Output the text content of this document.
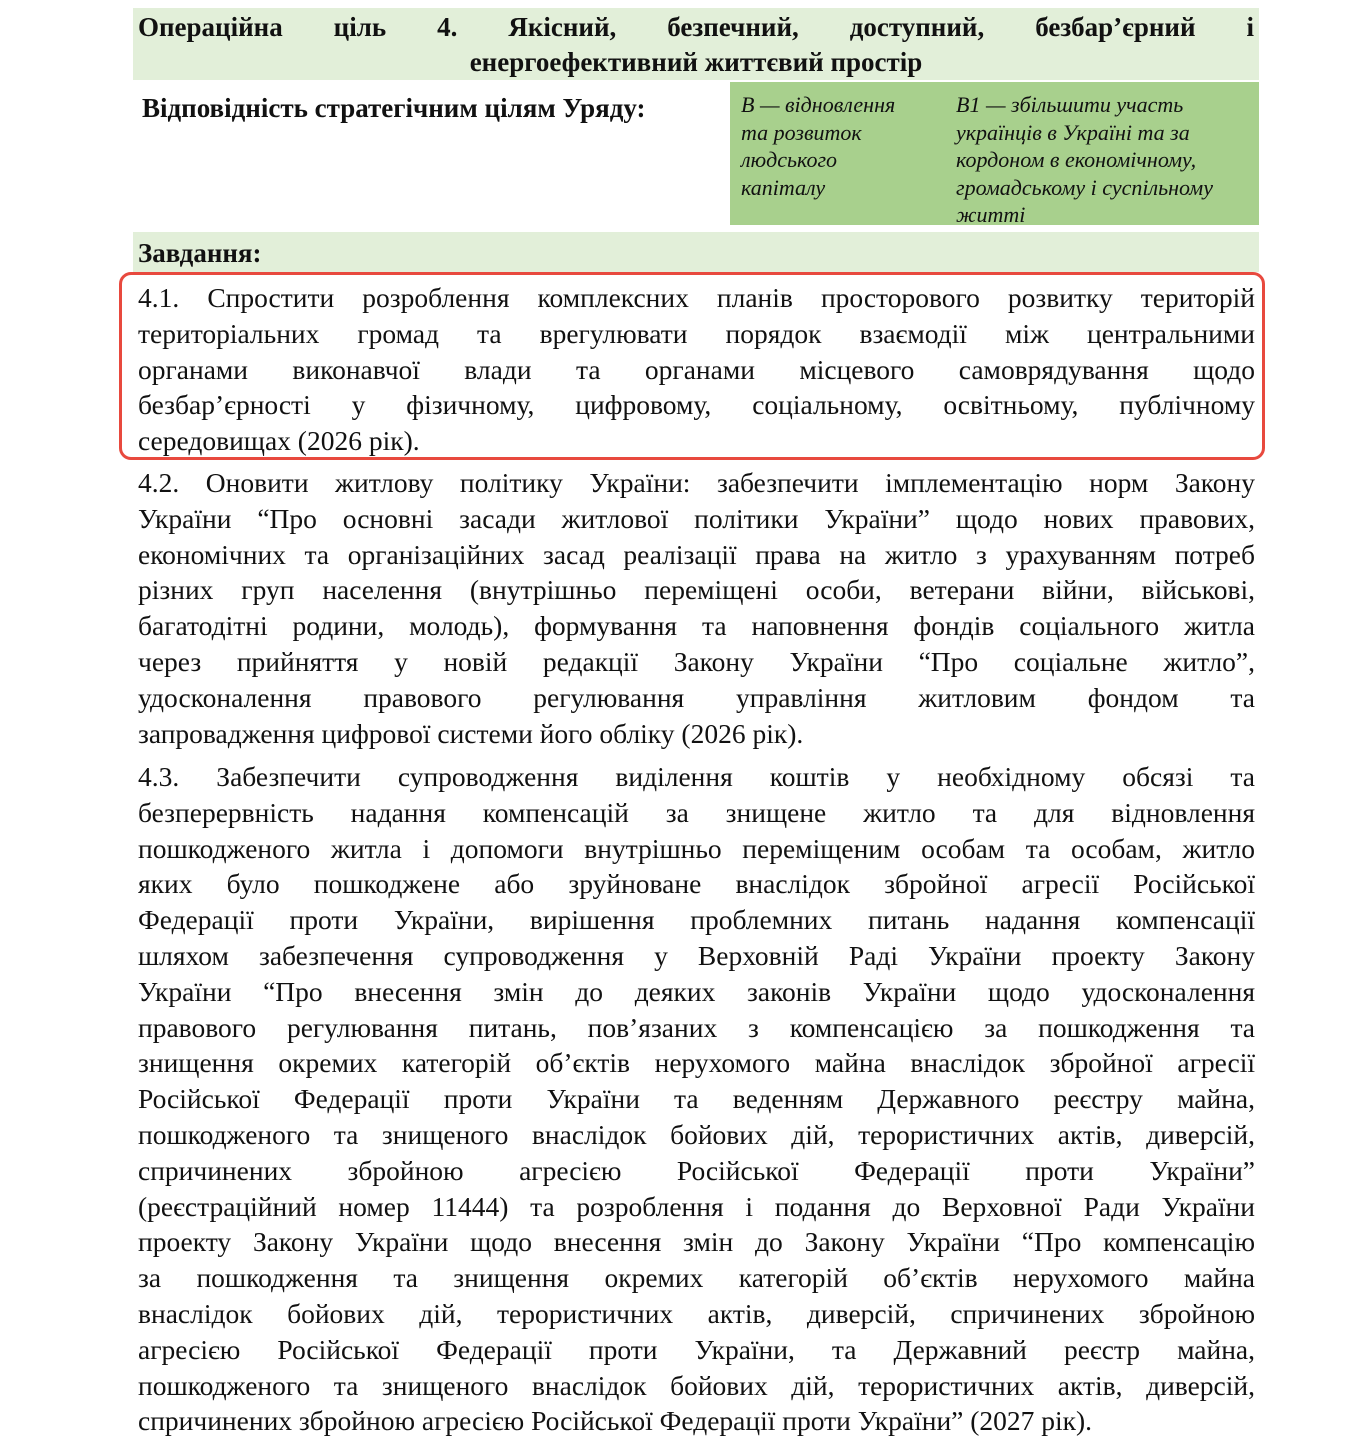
Операційна ціль 4. Якісний, безпечний, доступний, безбар’єрний і
енергоефективний життєвий простір
Відповідність стратегічним цілям Уряду:	В — відновлення
та розвиток
людського
капіталу
В1 — збільшити участь
українців в Україні та за
кордоном в економічному,
громадському і суспільному
житті
Завдання:
4.1. Спростити розроблення комплексних планів просторового розвитку територій
територіальних громад та врегулювати порядок взаємодії між центральними
органами виконавчої влади та органами місцевого самоврядування щодо
безбар’єрності у фізичному, цифровому, соціальному, освітньому, публічному
середовищах (2026 рік).
4.2. Оновити житлову політику України: забезпечити імплементацію норм Закону
України “Про основні засади житлової політики України” щодо нових правових,
економічних та організаційних засад реалізації права на житло з урахуванням потреб
різних груп населення (внутрішньо переміщені особи, ветерани війни, військові,
багатодітні родини, молодь), формування та наповнення фондів соціального житла
через прийняття у новій редакції Закону України “Про соціальне житло”,
удосконалення правового регулювання управління житловим фондом та
запровадження цифрової системи його обліку (2026 рік).
4.3. Забезпечити супроводження виділення коштів у необхідному обсязі та
безперервність надання компенсацій за знищене житло та для відновлення
пошкодженого житла і допомоги внутрішньо переміщеним особам та особам, житло
яких було пошкоджене або зруйноване внаслідок збройної агресії Російської
Федерації проти України, вирішення проблемних питань надання компенсації
шляхом забезпечення супроводження у Верховній Раді України проекту Закону
України “Про внесення змін до деяких законів України щодо удосконалення
правового регулювання питань, пов’язаних з компенсацією за пошкодження та
знищення окремих категорій об’єктів нерухомого майна внаслідок збройної агресії
Російської Федерації проти України та веденням Державного реєстру майна,
пошкодженого та знищеного внаслідок бойових дій, терористичних актів, диверсій,
спричинених збройною агресією Російської Федерації проти України”
(реєстраційний номер 11444) та розроблення і подання до Верховної Ради України
проекту Закону України щодо внесення змін до Закону України “Про компенсацію
за пошкодження та знищення окремих категорій об’єктів нерухомого майна
внаслідок бойових дій, терористичних актів, диверсій, спричинених збройною
агресією Російської Федерації проти України, та Державний реєстр майна,
пошкодженого та знищеного внаслідок бойових дій, терористичних актів, диверсій,
спричинених збройною агресією Російської Федерації проти України” (2027 рік).
